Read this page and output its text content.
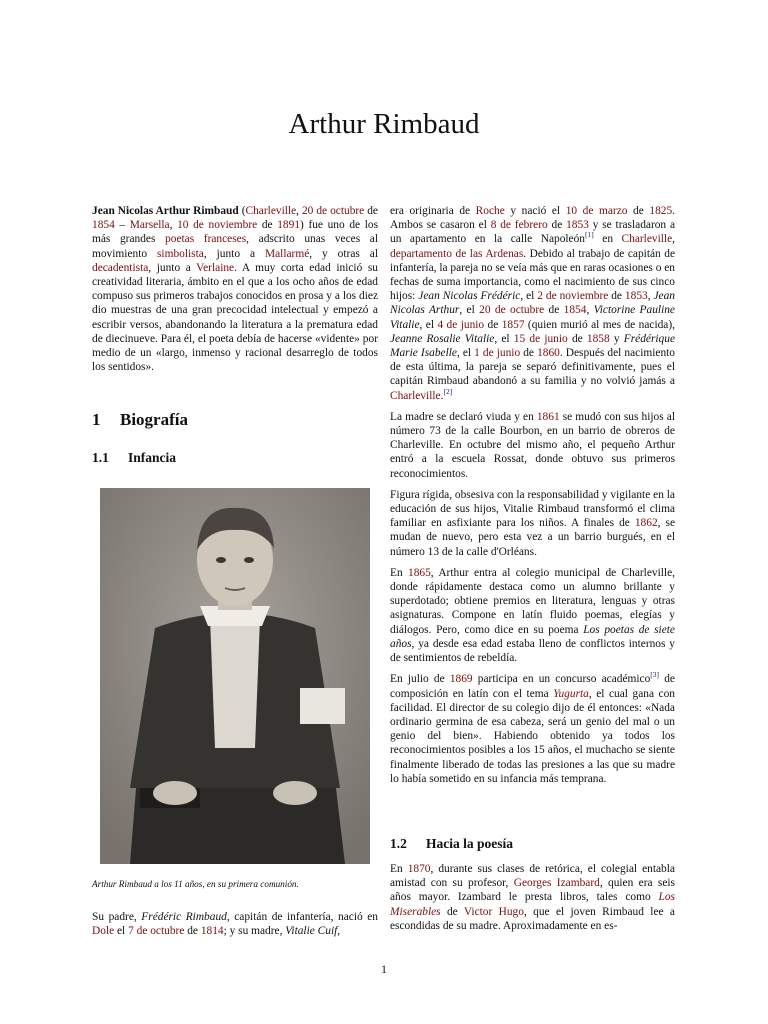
Arthur Rimbaud

Jean Nicolas Arthur Rimbaud (Charleville, 20 de octubre de 1854 – Marsella, 10 de noviembre de 1891) fue uno de los más grandes poetas franceses, adscrito unas veces al movimiento simbolista, junto a Mallarmé, y otras al decadentista, junto a Verlaine. A muy corta edad inició su creatividad literaria, ámbito en el que a los ocho años de edad compuso sus primeros trabajos conocidos en prosa y a los diez dio muestras de una gran precocidad intelectual y empezó a escribir versos, abandonando la literatura a la prematura edad de diecinueve. Para él, el poeta debía de hacerse «vidente» por medio de un «largo, inmenso y racional desarreglo de todos los sentidos».

1 Biografía
1.1 Infancia
Arthur Rimbaud a los 11 años, en su primera comunión.
Su padre, Frédéric Rimbaud, capitán de infantería, nació en Dole el 7 de octubre de 1814; y su madre, Vitalie Cuif,

era originaria de Roche y nació el 10 de marzo de 1825. Ambos se casaron el 8 de febrero de 1853 y se trasladaron a un apartamento en la calle Napoleón[1] en Charleville, departamento de las Ardenas. Debido al trabajo de capitán de infantería, la pareja no se veía más que en raras ocasiones o en fechas de suma importancia, como el nacimiento de sus cinco hijos: Jean Nicolas Frédéric, el 2 de noviembre de 1853, Jean Nicolas Arthur, el 20 de octubre de 1854, Victorine Pauline Vitalie, el 4 de junio de 1857 (quien murió al mes de nacida), Jeanne Rosalie Vitalie, el 15 de junio de 1858 y Frédérique Marie Isabelle, el 1 de junio de 1860. Después del nacimiento de esta última, la pareja se separó definitivamente, pues el capitán Rimbaud abandonó a su familia y no volvió jamás a Charleville.[2]

La madre se declaró viuda y en 1861 se mudó con sus hijos al número 73 de la calle Bourbon, en un barrio de obreros de Charleville. En octubre del mismo año, el pequeño Arthur entró a la escuela Rossat, donde obtuvo sus primeros reconocimientos.

Figura rígida, obsesiva con la responsabilidad y vigilante en la educación de sus hijos, Vitalie Rimbaud transformó el clima familiar en asfixiante para los niños. A finales de 1862, se mudan de nuevo, pero esta vez a un barrio burgués, en el número 13 de la calle d'Orléans.

En 1865, Arthur entra al colegio municipal de Charleville, donde rápidamente destaca como un alumno brillante y superdotado; obtiene premios en literatura, lenguas y otras asignaturas. Compone en latín fluido poemas, elegías y diálogos. Pero, como dice en su poema Los poetas de siete años, ya desde esa edad estaba lleno de conflictos internos y de sentimientos de rebeldía.

En julio de 1869 participa en un concurso académico[3] de composición en latín con el tema Yugurta, el cual gana con facilidad. El director de su colegio dijo de él entonces: «Nada ordinario germina de esa cabeza, será un genio del mal o un genio del bien». Habiendo obtenido ya todos los reconocimientos posibles a los 15 años, el muchacho se siente finalmente liberado de todas las presiones a las que su madre lo había sometido en su infancia más temprana.

1.2 Hacia la poesía
En 1870, durante sus clases de retórica, el colegial entabla amistad con su profesor, Georges Izambard, quien era seis años mayor. Izambard le presta libros, tales como Los Miserables de Victor Hugo, que el joven Rimbaud lee a escondidas de su madre. Aproximadamente en es-
1
